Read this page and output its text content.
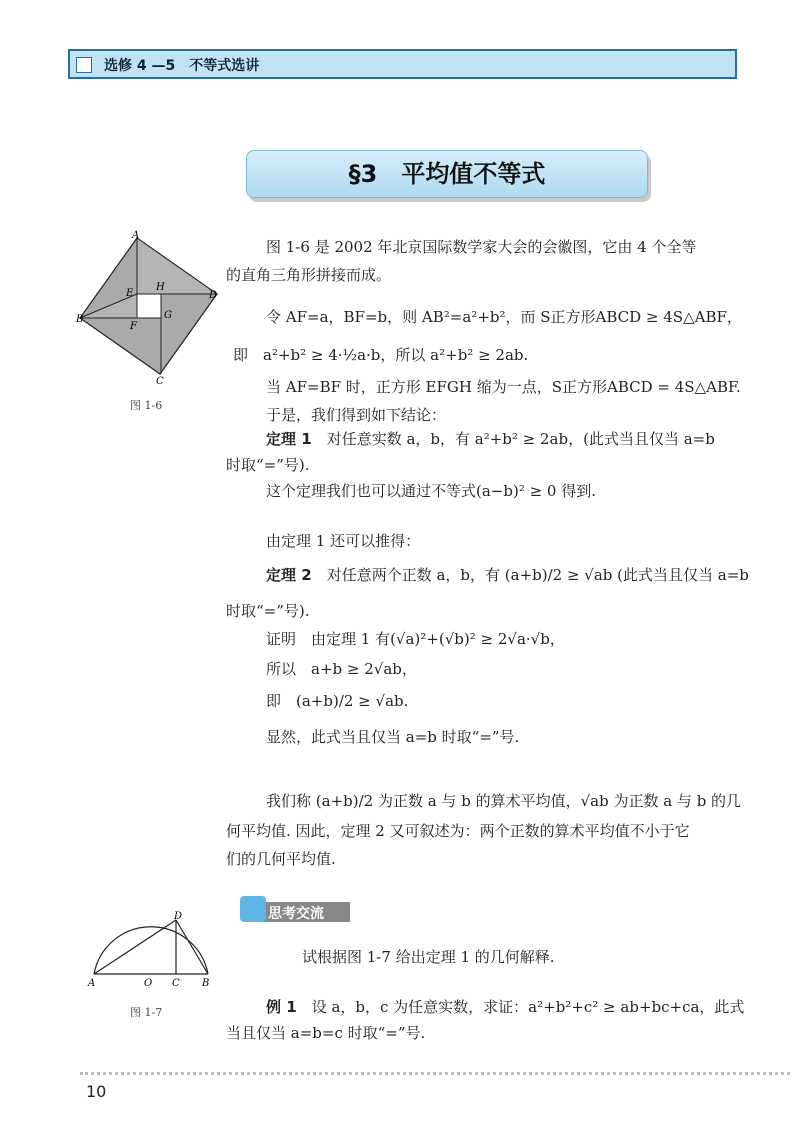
选修 4 —5　不等式选讲
§3　平均值不等式
A
B
C
D
E
H
F
G
图 1-6
图 1-6 是 2002 年北京国际数学家大会的会徽图，它由 4 个全等
的直角三角形拼接而成。
令 AF=a，BF=b，则 AB²=a²+b²，而 S正方形ABCD ≥ 4S△ABF，
即　a²+b² ≥ 4·½a·b，所以 a²+b² ≥ 2ab.
当 AF=BF 时，正方形 EFGH 缩为一点，S正方形ABCD = 4S△ABF.
于是，我们得到如下结论：
定理 1　 对任意实数 a，b，有 a²+b² ≥ 2ab，(此式当且仅当 a=b
时取“=”号).
这个定理我们也可以通过不等式(a−b)² ≥ 0 得到.
由定理 1 还可以推得：
定理 2　 对任意两个正数 a，b，有 (a+b)/2 ≥ √ab (此式当且仅当 a=b
时取“=”号).
证明　由定理 1 有(√a)²+(√b)² ≥ 2√a·√b，
所以　a+b ≥ 2√ab，
即　(a+b)/2 ≥ √ab.
显然，此式当且仅当 a=b 时取“=”号.
我们称 (a+b)/2 为正数 a 与 b 的算术平均值，√ab 为正数 a 与 b 的几
何平均值. 因此，定理 2 又可叙述为：两个正数的算术平均值不小于它
们的几何平均值.
思考交流
试根据图 1-7 给出定理 1 的几何解释.
D
A	O C B
图 1-7	例 1　 设 a，b，c 为任意实数，求证：a²+b²+c² ≥ ab+bc+ca，此式
当且仅当 a=b=c 时取“=”号.
10
